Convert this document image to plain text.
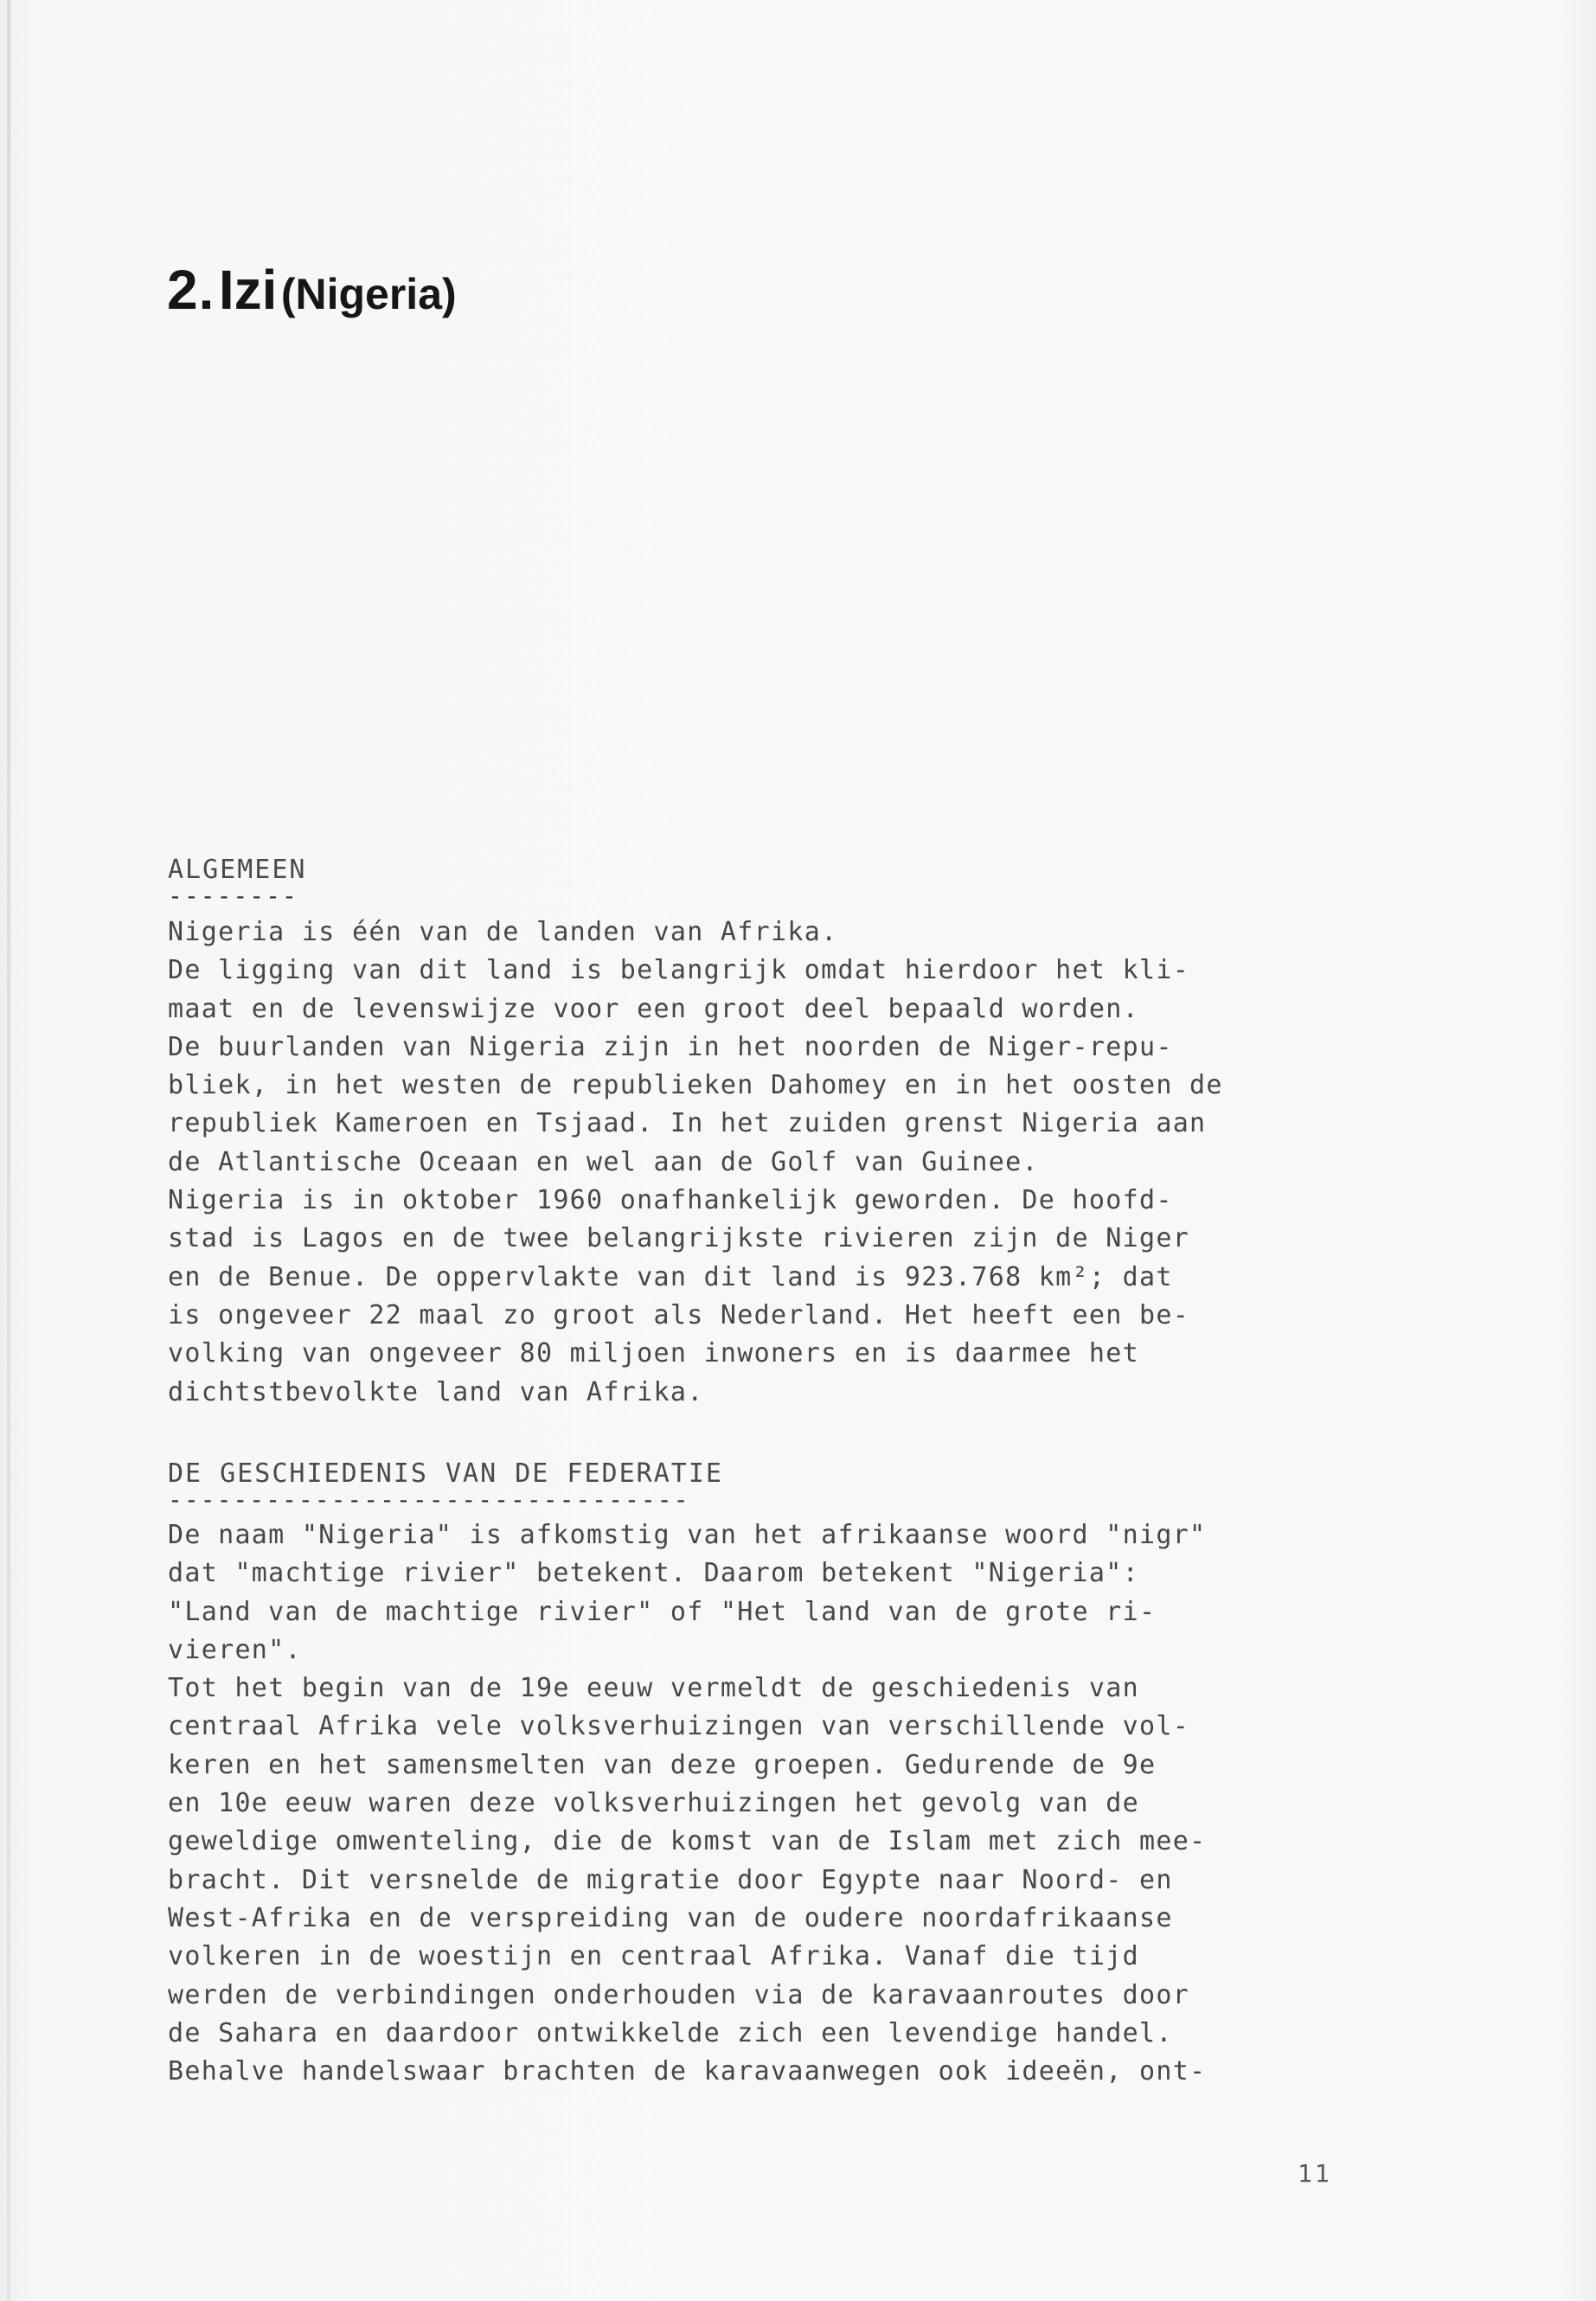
2. Izi (Nigeria)
ALGEMEEN
--------
Nigeria is één van de landen van Afrika.
De ligging van dit land is belangrijk omdat hierdoor het kli-
maat en de levenswijze voor een groot deel bepaald worden.
De buurlanden van Nigeria zijn in het noorden de Niger-repu-
bliek, in het westen de republieken Dahomey en in het oosten de
republiek Kameroen en Tsjaad. In het zuiden grenst Nigeria aan
de Atlantische Oceaan en wel aan de Golf van Guinee.
Nigeria is in oktober 1960 onafhankelijk geworden. De hoofd-
stad is Lagos en de twee belangrijkste rivieren zijn de Niger
en de Benue. De oppervlakte van dit land is 923.768 km²; dat
is ongeveer 22 maal zo groot als Nederland. Het heeft een be-
volking van ongeveer 80 miljoen inwoners en is daarmee het
dichtstbevolkte land van Afrika.
DE GESCHIEDENIS VAN DE FEDERATIE
--------------------------------
De naam "Nigeria" is afkomstig van het afrikaanse woord "nigr"
dat "machtige rivier" betekent. Daarom betekent "Nigeria":
"Land van de machtige rivier" of "Het land van de grote ri-
vieren".
Tot het begin van de 19e eeuw vermeldt de geschiedenis van
centraal Afrika vele volksverhuizingen van verschillende vol-
keren en het samensmelten van deze groepen. Gedurende de 9e
en 10e eeuw waren deze volksverhuizingen het gevolg van de
geweldige omwenteling, die de komst van de Islam met zich mee-
bracht. Dit versnelde de migratie door Egypte naar Noord- en
West-Afrika en de verspreiding van de oudere noordafrikaanse
volkeren in de woestijn en centraal Afrika. Vanaf die tijd
werden de verbindingen onderhouden via de karavaanroutes door
de Sahara en daardoor ontwikkelde zich een levendige handel.
Behalve handelswaar brachten de karavaanwegen ook ideeën, ont-
11
